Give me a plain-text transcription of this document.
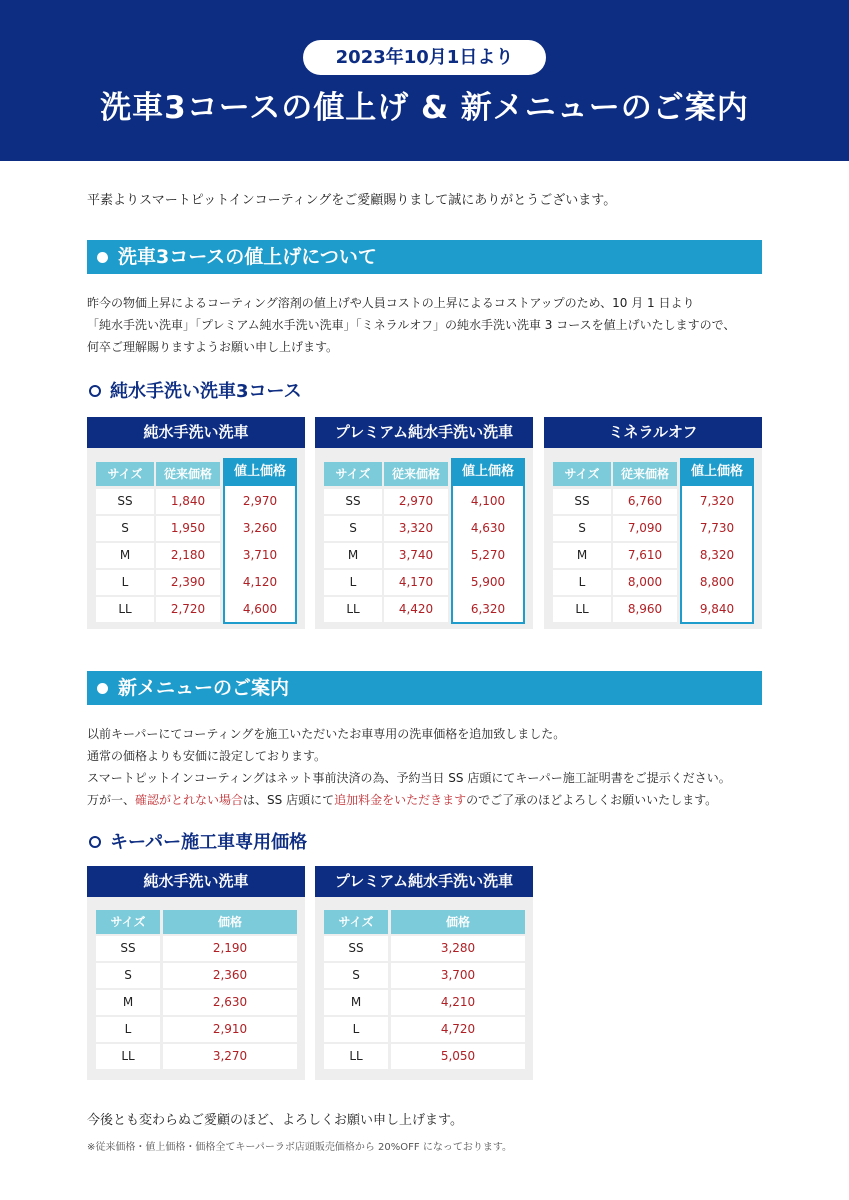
2023年10月1日より
洗車3コースの値上げ & 新メニューのご案内
平素よりスマートピットインコーティングをご愛顧賜りまして誠にありがとうございます。
洗車3コースの値上げについて
昨今の物価上昇によるコーティング溶剤の値上げや人員コストの上昇によるコストアップのため、10 月 1 日より
「純水手洗い洗車」「プレミアム純水手洗い洗車」「ミネラルオフ」の純水手洗い洗車 3 コースを値上げいたしますので、
何卒ご理解賜りますようお願い申し上げます。
純水手洗い洗車3コース
純水手洗い洗車
サイズ	従来価格	値上価格
SS	1,840	2,970
S	1,950	3,260
M	2,180	3,710
L	2,390	4,120
LL	2,720	4,600
プレミアム純水手洗い洗車
サイズ	従来価格	値上価格
SS	2,970	4,100
S	3,320	4,630
M	3,740	5,270
L	4,170	5,900
LL	4,420	6,320
ミネラルオフ
サイズ	従来価格	値上価格
SS	6,760	7,320
S	7,090	7,730
M	7,610	8,320
L	8,000	8,800
LL	8,960	9,840
新メニューのご案内
以前キーパーにてコーティングを施工いただいたお車専用の洗車価格を追加致しました。
通常の価格よりも安価に設定しております。
スマートピットインコーティングはネット事前決済の為、予約当日 SS 店頭にてキーパー施工証明書をご提示ください。
万が一、確認がとれない場合は、SS 店頭にて追加料金をいただきますのでご了承のほどよろしくお願いいたします。
キーパー施工車専用価格
純水手洗い洗車
サイズ	価格
SS	2,190
S	2,360
M	2,630
L	2,910
LL	3,270
プレミアム純水手洗い洗車
サイズ	価格
SS	3,280
S	3,700
M	4,210
L	4,720
LL	5,050
今後とも変わらぬご愛顧のほど、よろしくお願い申し上げます。
※従来価格・値上価格・価格全てキーパーラボ店頭販売価格から 20%OFF になっております。
